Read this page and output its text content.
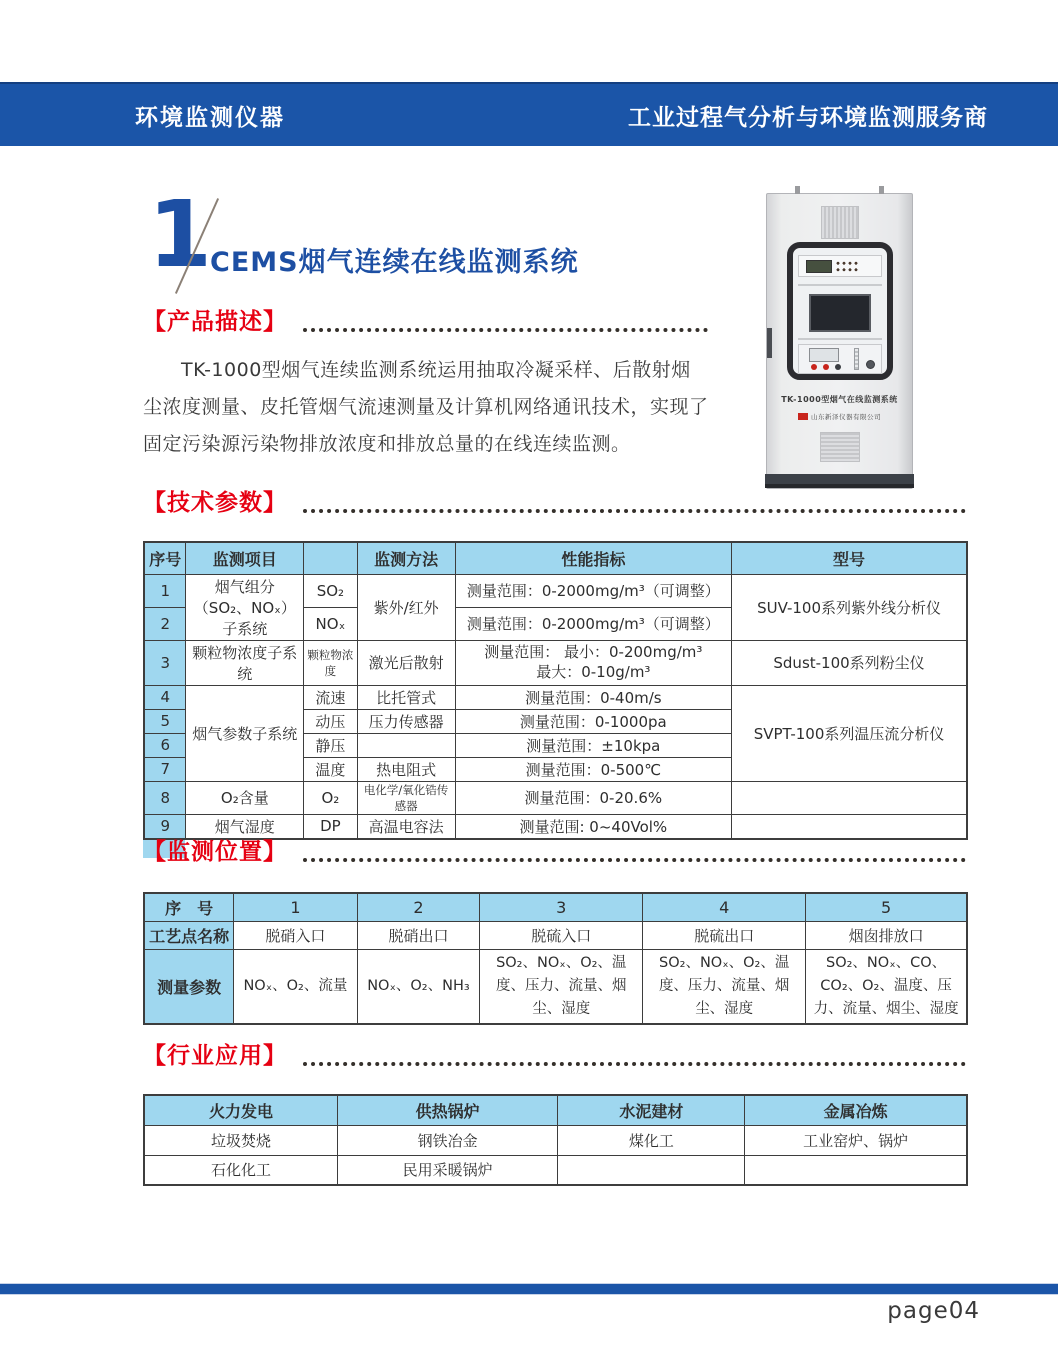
环境监测仪器	工业过程气分析与环境监测服务商
1
CEMS烟气连续在线监测系统
TK-1000型烟气在线监测系统
山东新泽仪器有限公司
【产品描述】

TK-1000型烟气连续监测系统运用抽取冷凝采样、后散射烟尘浓度测量、皮托管烟气流速测量及计算机网络通讯技术，实现了固定污染源污染物排放浓度和排放总量的在线连续监测。

【技术参数】
序号	监测项目		监测方法	性能指标	型号
1	烟气组分（SO₂、NOₓ）子系统	SO₂	紫外/红外	测量范围：0-2000mg/m³（可调整）	SUV-100系列紫外线分析仪
2		NOₓ		测量范围：0-2000mg/m³（可调整）	
3	颗粒物浓度子系统	颗粒物浓度	激光后散射	测量范围： 最小：0-200mg/m³
最大：0-10g/m³	Sdust-100系列粉尘仪
4	烟气参数子系统	流速	比托管式	测量范围：0-40m/s	SVPT-100系列温压流分析仪
5		动压	压力传感器	测量范围：0-1000pa	
6		静压		测量范围：±10kpa	
7		温度	热电阻式	测量范围：0-500℃	
8	O₂含量	O₂	电化学/氧化锆传感器	测量范围：0-20.6%	
9	烟气湿度	DP	高温电容法	测量范围: 0~40Vol%	
【监测位置】
序　号	1	2	3	4	5
工艺点名称	脱硝入口	脱硝出口	脱硫入口	脱硫出口	烟囱排放口
测量参数	NOₓ、O₂、流量	NOₓ、O₂、NH₃	SO₂、NOₓ、O₂、温度、压力、流量、烟尘、湿度	SO₂、NOₓ、O₂、温度、压力、流量、烟尘、湿度	SO₂、NOₓ、CO、CO₂、O₂、温度、压力、流量、烟尘、湿度
【行业应用】
火力发电	供热锅炉	水泥建材	金属冶炼
垃圾焚烧	钢铁冶金	煤化工	工业窑炉、锅炉
石化化工	民用采暖锅炉		
page04
